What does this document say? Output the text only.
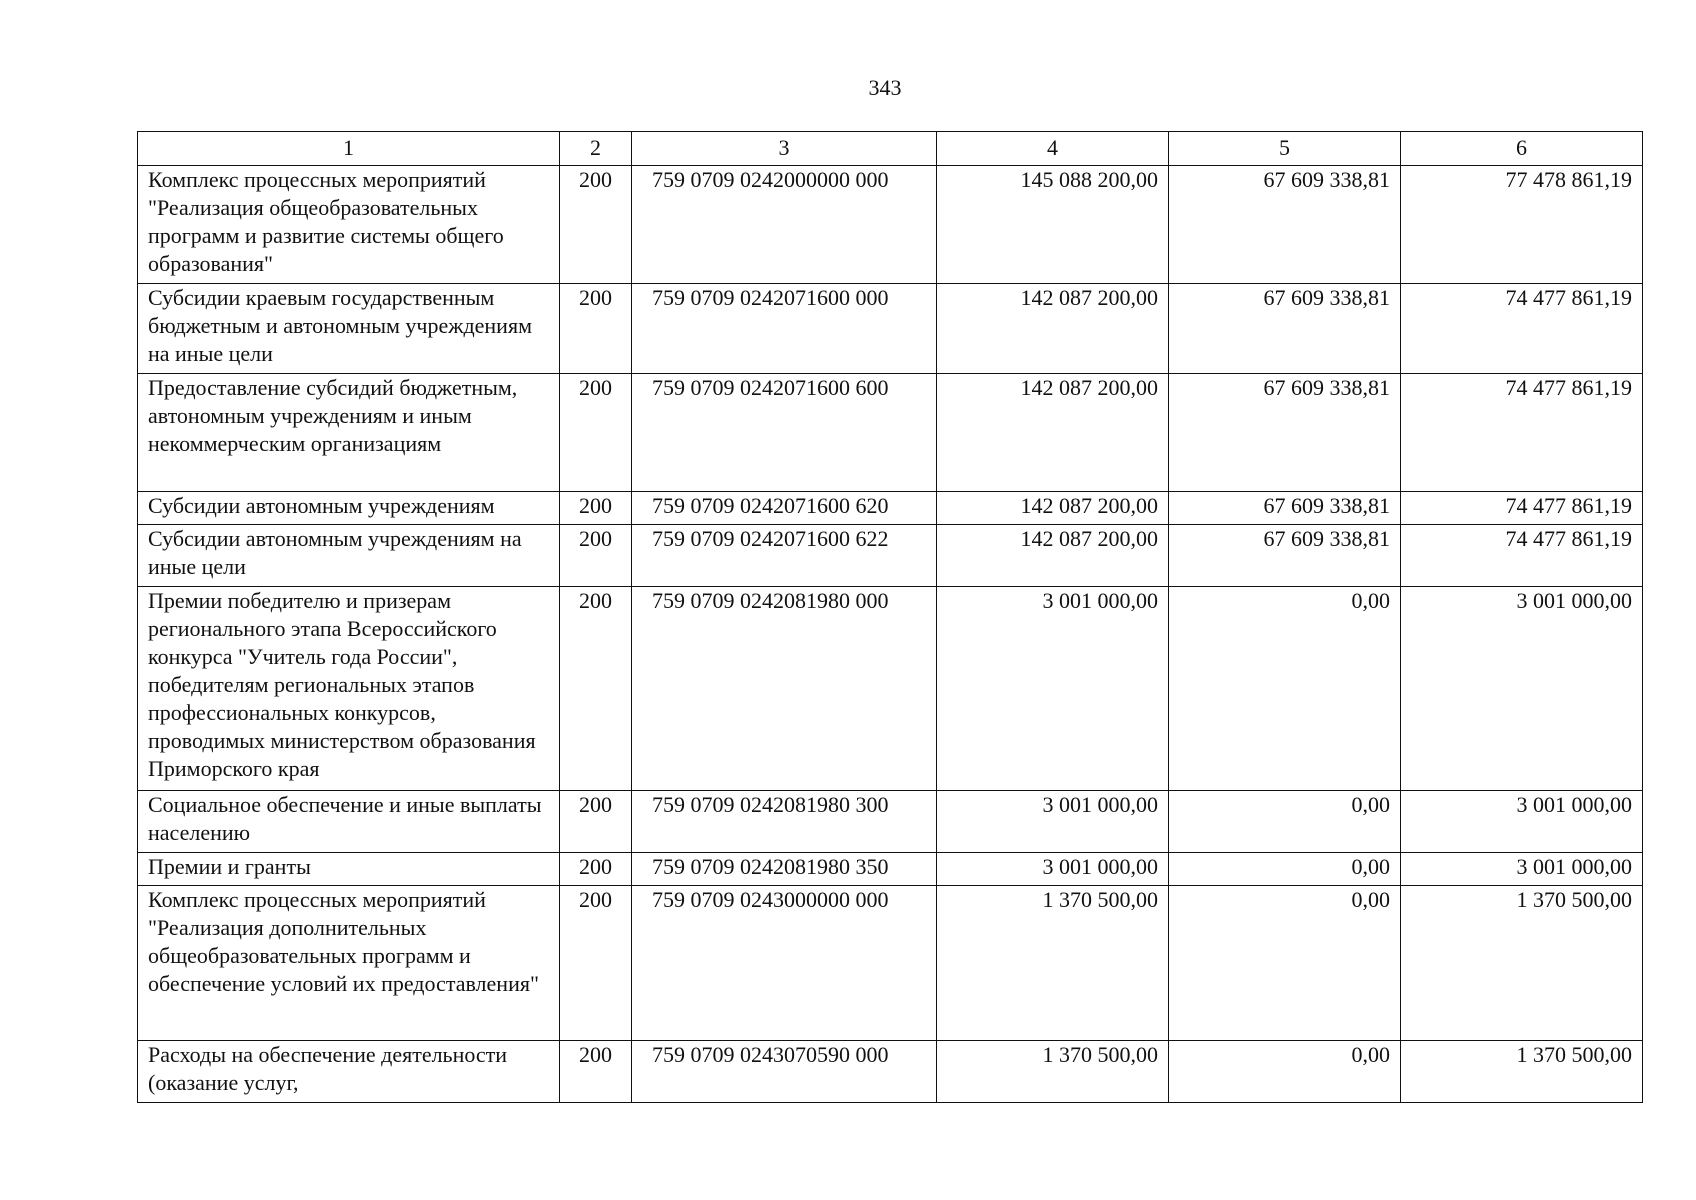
343
1	2	3	4	5	6
Комплекс процессных мероприятий "Реализация общеобразовательных программ и развитие системы общего образования"	200	759 0709 0242000000 000	145 088 200,00	67 609 338,81	77 478 861,19
Субсидии краевым государственным бюджетным и автономным учреждениям на иные цели	200	759 0709 0242071600 000	142 087 200,00	67 609 338,81	74 477 861,19
Предоставление субсидий бюджетным, автономным учреждениям и иным некоммерческим организациям	200	759 0709 0242071600 600	142 087 200,00	67 609 338,81	74 477 861,19
Субсидии автономным учреждениям	200	759 0709 0242071600 620	142 087 200,00	67 609 338,81	74 477 861,19
Субсидии автономным учреждениям на иные цели	200	759 0709 0242071600 622	142 087 200,00	67 609 338,81	74 477 861,19
Премии победителю и призерам регионального этапа Всероссийского конкурса "Учитель года России", победителям региональных этапов профессиональных конкурсов, проводимых министерством образования Приморского края	200	759 0709 0242081980 000	3 001 000,00	0,00	3 001 000,00
Социальное обеспечение и иные выплаты населению	200	759 0709 0242081980 300	3 001 000,00	0,00	3 001 000,00
Премии и гранты	200	759 0709 0242081980 350	3 001 000,00	0,00	3 001 000,00
Комплекс процессных мероприятий "Реализация дополнительных общеобразовательных программ и обеспечение условий их предоставления"	200	759 0709 0243000000 000	1 370 500,00	0,00	1 370 500,00
Расходы на обеспечение деятельности (оказание услуг,	200	759 0709 0243070590 000	1 370 500,00	0,00	1 370 500,00
